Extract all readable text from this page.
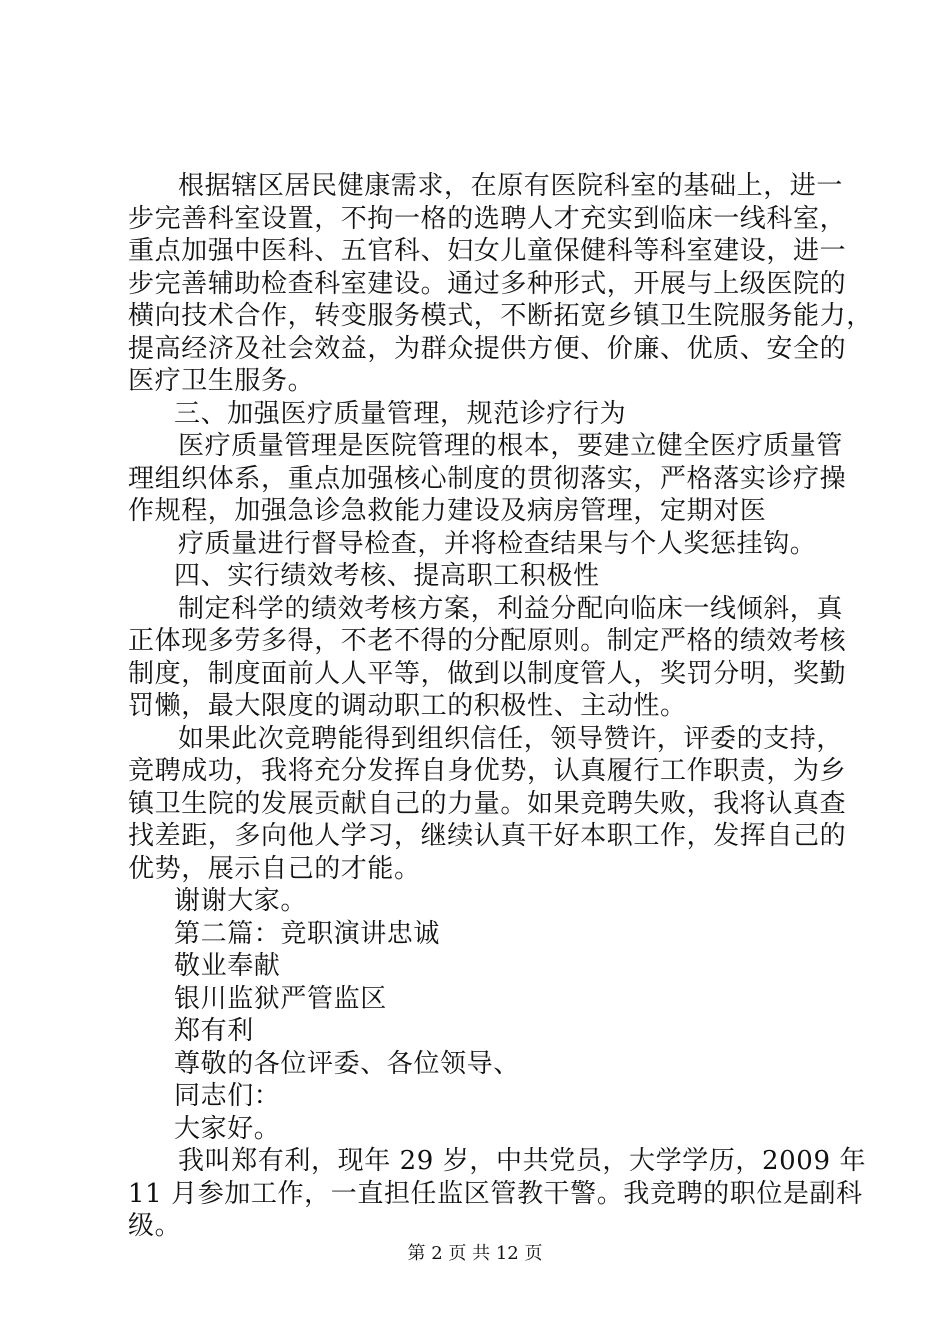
根据辖区居民健康需求，在原有医院科室的基础上，进一
步完善科室设置，不拘一格的选聘人才充实到临床一线科室，
重点加强中医科、五官科、妇女儿童保健科等科室建设，进一
步完善辅助检查科室建设。通过多种形式，开展与上级医院的
横向技术合作，转变服务模式，不断拓宽乡镇卫生院服务能力，
提高经济及社会效益，为群众提供方便、价廉、优质、安全的
医疗卫生服务。
三、加强医疗质量管理，规范诊疗行为
医疗质量管理是医院管理的根本，要建立健全医疗质量管
理组织体系，重点加强核心制度的贯彻落实，严格落实诊疗操
作规程，加强急诊急救能力建设及病房管理，定期对医
疗质量进行督导检查，并将检查结果与个人奖惩挂钩。
四、实行绩效考核、提高职工积极性
制定科学的绩效考核方案，利益分配向临床一线倾斜，真
正体现多劳多得，不老不得的分配原则。制定严格的绩效考核
制度，制度面前人人平等，做到以制度管人，奖罚分明，奖勤
罚懒，最大限度的调动职工的积极性、主动性。
如果此次竞聘能得到组织信任，领导赞许，评委的支持，
竞聘成功，我将充分发挥自身优势，认真履行工作职责，为乡
镇卫生院的发展贡献自己的力量。如果竞聘失败，我将认真查
找差距，多向他人学习，继续认真干好本职工作，发挥自己的
优势，展示自己的才能。
谢谢大家。
第二篇：竞职演讲忠诚
敬业奉献
银川监狱严管监区
郑有利
尊敬的各位评委、各位领导、
同志们：
大家好。
我叫郑有利，现年 29 岁，中共党员，大学学历，2009 年
11 月参加工作，一直担任监区管教干警。我竞聘的职位是副科
级。
第 2 页 共 12 页
